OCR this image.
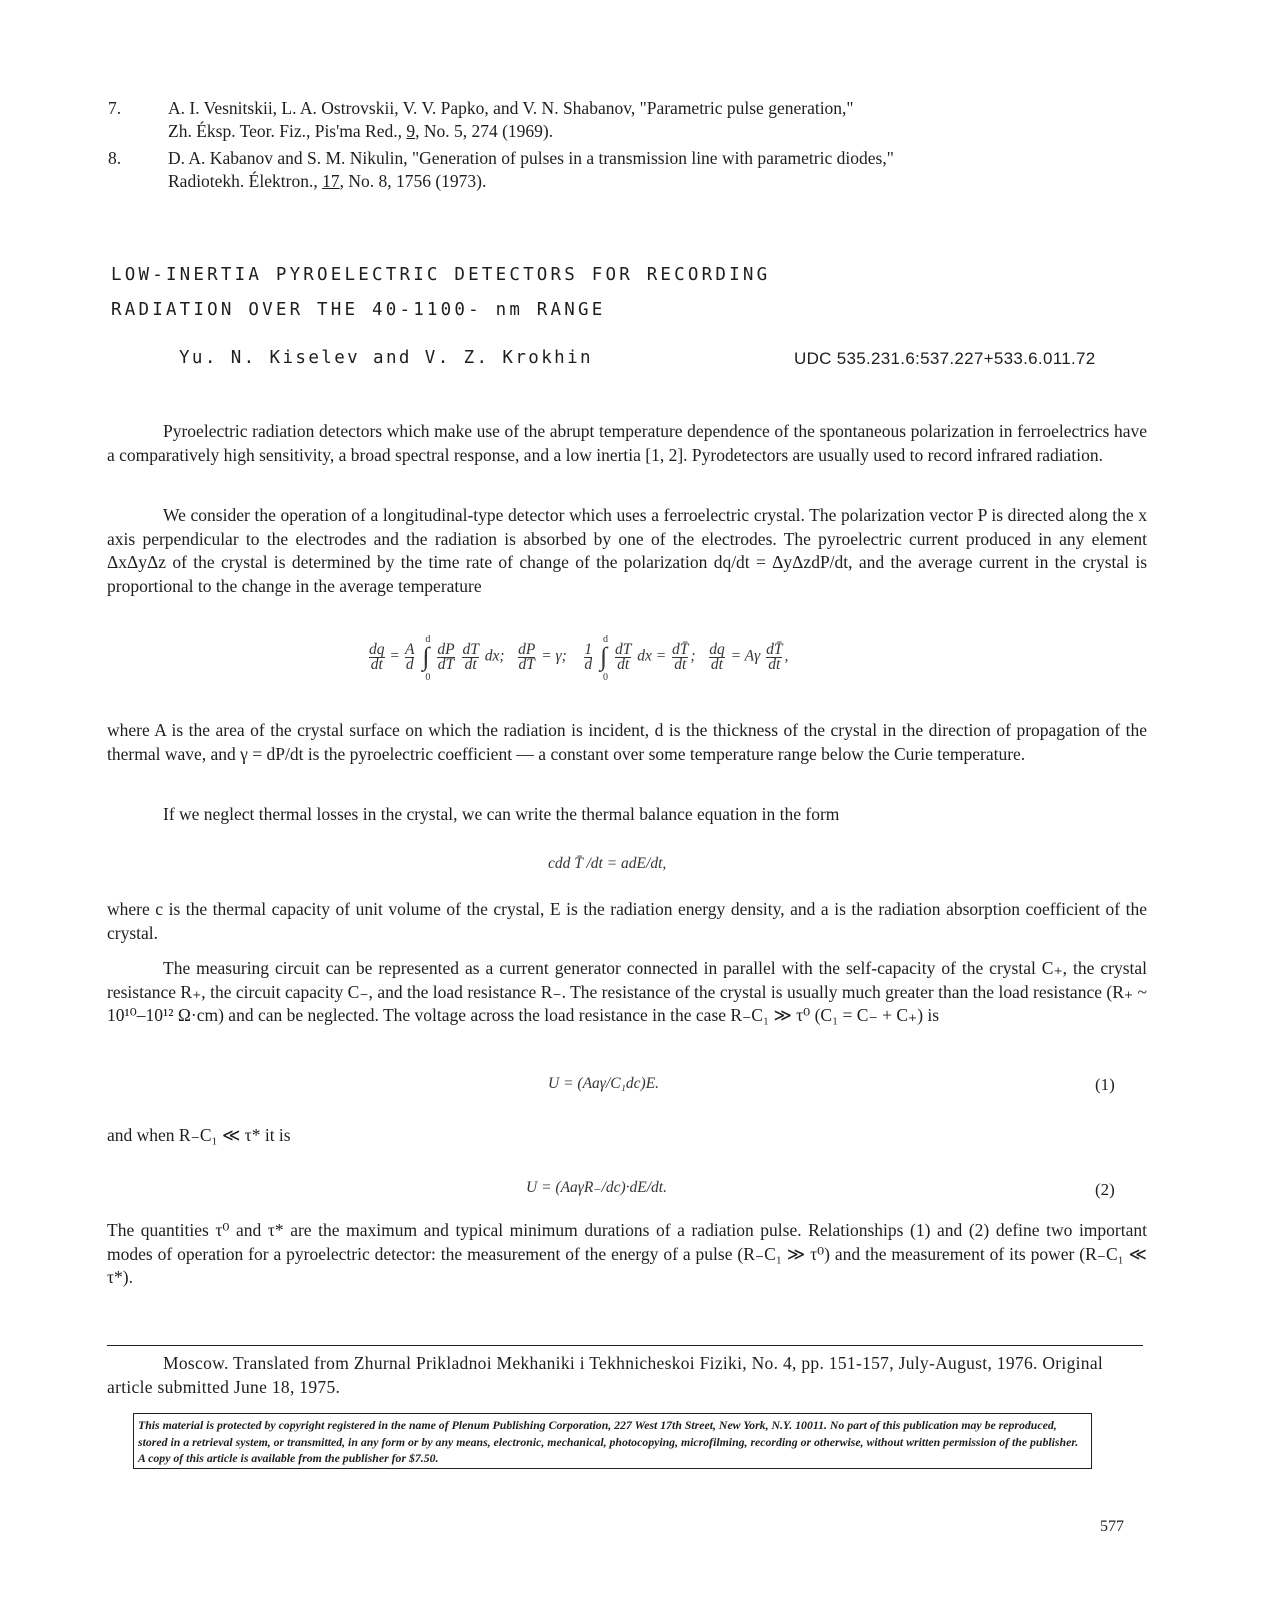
7.	A. I. Vesnitskii, L. A. Ostrovskii, V. V. Papko, and V. N. Shabanov, "Parametric pulse generation,"
Zh. Éksp. Teor. Fiz., Pis'ma Red., 9, No. 5, 274 (1969).
8.	D. A. Kabanov and S. M. Nikulin, "Generation of pulses in a transmission line with parametric diodes,"
Radiotekh. Élektron., 17, No. 8, 1756 (1973).
LOW-INERTIA PYROELECTRIC DETECTORS FOR RECORDING
RADIATION OVER THE 40-1100- nm RANGE
Yu. N. Kiselev and V. Z. Krokhin	UDC 535.231.6:537.227+533.6.011.72
Pyroelectric radiation detectors which make use of the abrupt temperature dependence of the spontaneous polarization in ferroelectrics have a comparatively high sensitivity, a broad spectral response, and a low inertia [1, 2]. Pyrodetectors are usually used to record infrared radiation.
We consider the operation of a longitudinal-type detector which uses a ferroelectric crystal. The polarization vector P is directed along the x axis perpendicular to the electrodes and the radiation is absorbed by one of the electrodes. The pyroelectric current produced in any element ΔxΔyΔz of the crystal is determined by the time rate of change of the polarization dq/dt = ΔyΔzdP/dt, and the average current in the crystal is proportional to the change in the average temperature
$\frac{dq}{dt} = \frac{A}{d}$ ∫
d
0

$\frac{dP}{dT}$
$\frac{dT}{dt}$ dx; $\frac{dP}{dT} = \gamma$; $\frac{1}{d}$ ∫
d
0

$\frac{dT}{dt}$ dx = $\frac{dT̄}{dt}$ ; $\frac{dq}{dt} = A\gamma \frac{dT̄}{dt}$ ,
where A is the area of the crystal surface on which the radiation is incident, d is the thickness of the crystal in the direction of propagation of the thermal wave, and γ = dP/dt is the pyroelectric coefficient — a constant over some temperature range below the Curie temperature.
If we neglect thermal losses in the crystal, we can write the thermal balance equation in the form
cdd T̄ /dt = adE/dt,
where c is the thermal capacity of unit volume of the crystal, E is the radiation energy density, and a is the radiation absorption coefficient of the crystal.
The measuring circuit can be represented as a current generator connected in parallel with the self-capacity of the crystal C₊, the crystal resistance R₊, the circuit capacity C₋, and the load resistance R₋. The resistance of the crystal is usually much greater than the load resistance (R₊ ~ 10¹⁰–10¹² Ω·cm) and can be neglected. The voltage across the load resistance in the case R₋C₁ ≫ τ⁰ (C₁ = C₋ + C₊) is
U = (Aaγ/C₁dc)E.	(1)
and when R₋C₁ ≪ τ* it is
U = (AaγR₋/dc)·dE/dt.	(2)
The quantities τ⁰ and τ* are the maximum and typical minimum durations of a radiation pulse. Relationships (1) and (2) define two important modes of operation for a pyroelectric detector: the measurement of the energy of a pulse (R₋C₁ ≫ τ⁰) and the measurement of its power (R₋C₁ ≪ τ*).
Moscow. Translated from Zhurnal Prikladnoi Mekhaniki i Tekhnicheskoi Fiziki, No. 4, pp. 151-157, July-August, 1976. Original article submitted June 18, 1975.
This material is protected by copyright registered in the name of Plenum Publishing Corporation, 227 West 17th Street, New York, N.Y. 10011. No part of this publication may be reproduced, stored in a retrieval system, or transmitted, in any form or by any means, electronic, mechanical, photocopying, microfilming, recording or otherwise, without written permission of the publisher. A copy of this article is available from the publisher for $7.50.
577
